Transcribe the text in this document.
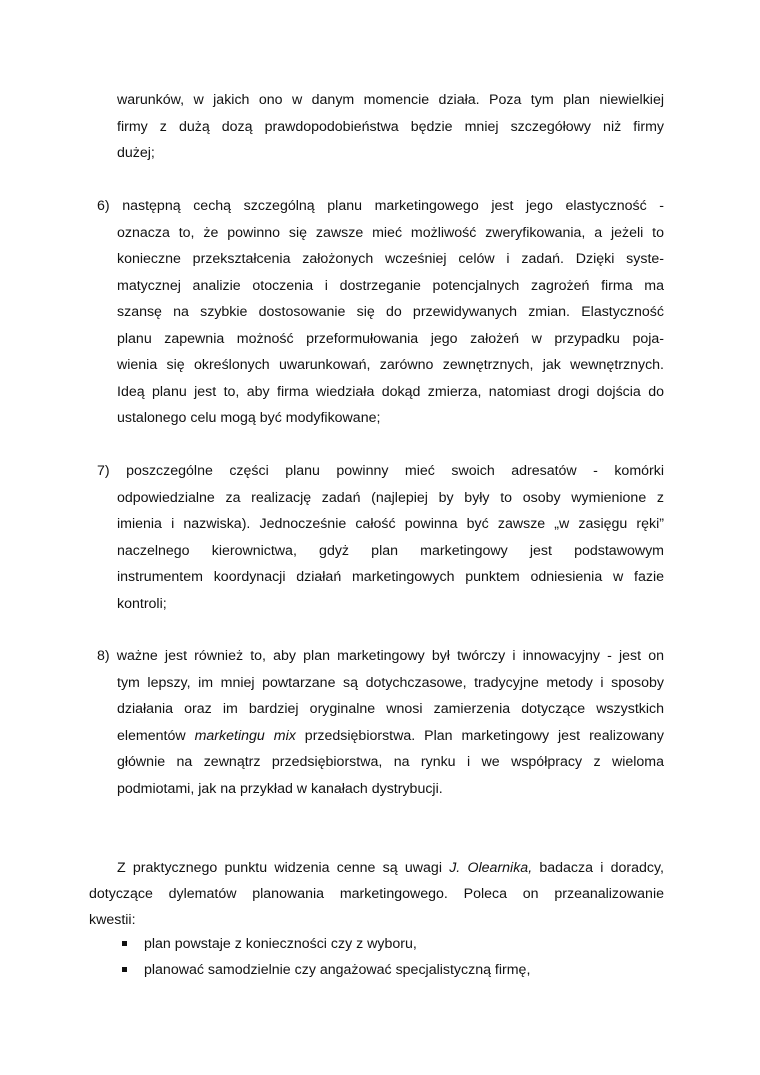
warunków, w jakich ono w danym momencie działa. Poza tym plan niewielkiej

firmy z dużą dozą prawdopodobieństwa będzie mniej szczegółowy niż firmy

dużej;

6) następną cechą szczególną planu marketingowego jest jego elastyczność -

oznacza to, że powinno się zawsze mieć możliwość zweryfikowania, a jeżeli to

konieczne przekształcenia założonych wcześniej celów i zadań. Dzięki syste-

matycznej analizie otoczenia i dostrzeganie potencjalnych zagrożeń firma ma

szansę na szybkie dostosowanie się do przewidywanych zmian. Elastyczność

planu zapewnia możność przeformułowania jego założeń w przypadku poja-

wienia się określonych uwarunkowań, zarówno zewnętrznych, jak wewnętrznych.

Ideą planu jest to, aby firma wiedziała dokąd zmierza, natomiast drogi dojścia do

ustalonego celu mogą być modyfikowane;

7) poszczególne części planu powinny mieć swoich adresatów - komórki

odpowiedzialne za realizację zadań (najlepiej by były to osoby wymienione z

imienia i nazwiska). Jednocześnie całość powinna być zawsze „w zasięgu ręki”

naczelnego kierownictwa, gdyż plan marketingowy jest podstawowym

instrumentem koordynacji działań marketingowych punktem odniesienia w fazie

kontroli;

8) ważne jest również to, aby plan marketingowy był twórczy i innowacyjny - jest on

tym lepszy, im mniej powtarzane są dotychczasowe, tradycyjne metody i sposoby

działania oraz im bardziej oryginalne wnosi zamierzenia dotyczące wszystkich

elementów marketingu mix przedsiębiorstwa. Plan marketingowy jest realizowany

głównie na zewnątrz przedsiębiorstwa, na rynku i we współpracy z wieloma

podmiotami, jak na przykład w kanałach dystrybucji.

Z praktycznego punktu widzenia cenne są uwagi J. Olearnika, badacza i doradcy,

dotyczące dylematów planowania marketingowego. Poleca on przeanalizowanie

kwestii:

plan powstaje z konieczności czy z wyboru,

planować samodzielnie czy angażować specjalistyczną firmę,
